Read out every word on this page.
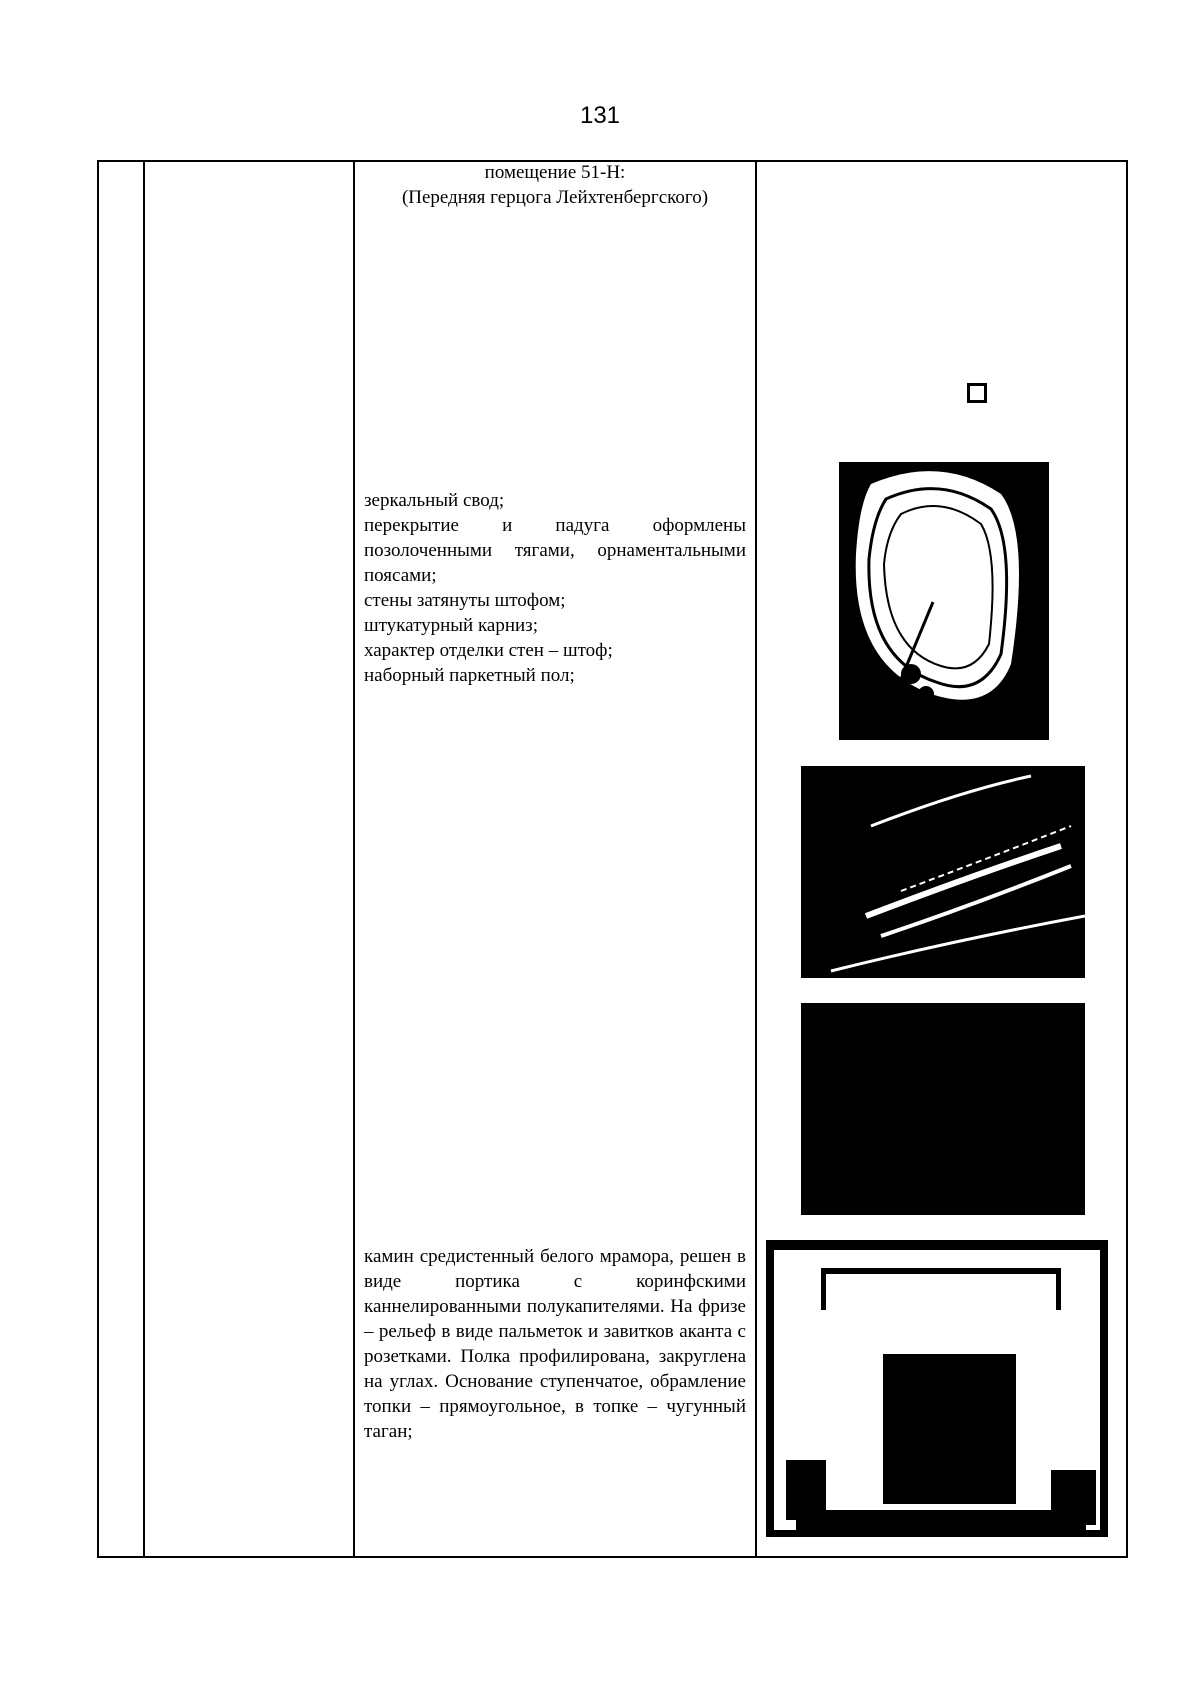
131
помещение 51-Н:
(Передняя герцога Лейхтенбергского)
зеркальный свод;
перекрытие и падуга оформлены позолоченными тягами, орнаментальными поясами;
стены затянуты штофом;
штукатурный карниз;
характер отделки стен – штоф;
наборный паркетный пол;
камин средистенный белого мрамора, решен в виде портика с коринфскими каннелированными полукапителями. На фризе – рельеф в виде пальметок и завитков аканта с розетками. Полка профилирована, закруглена на углах. Основание ступенчатое, обрамление топки – прямоугольное, в топке – чугунный таган;
